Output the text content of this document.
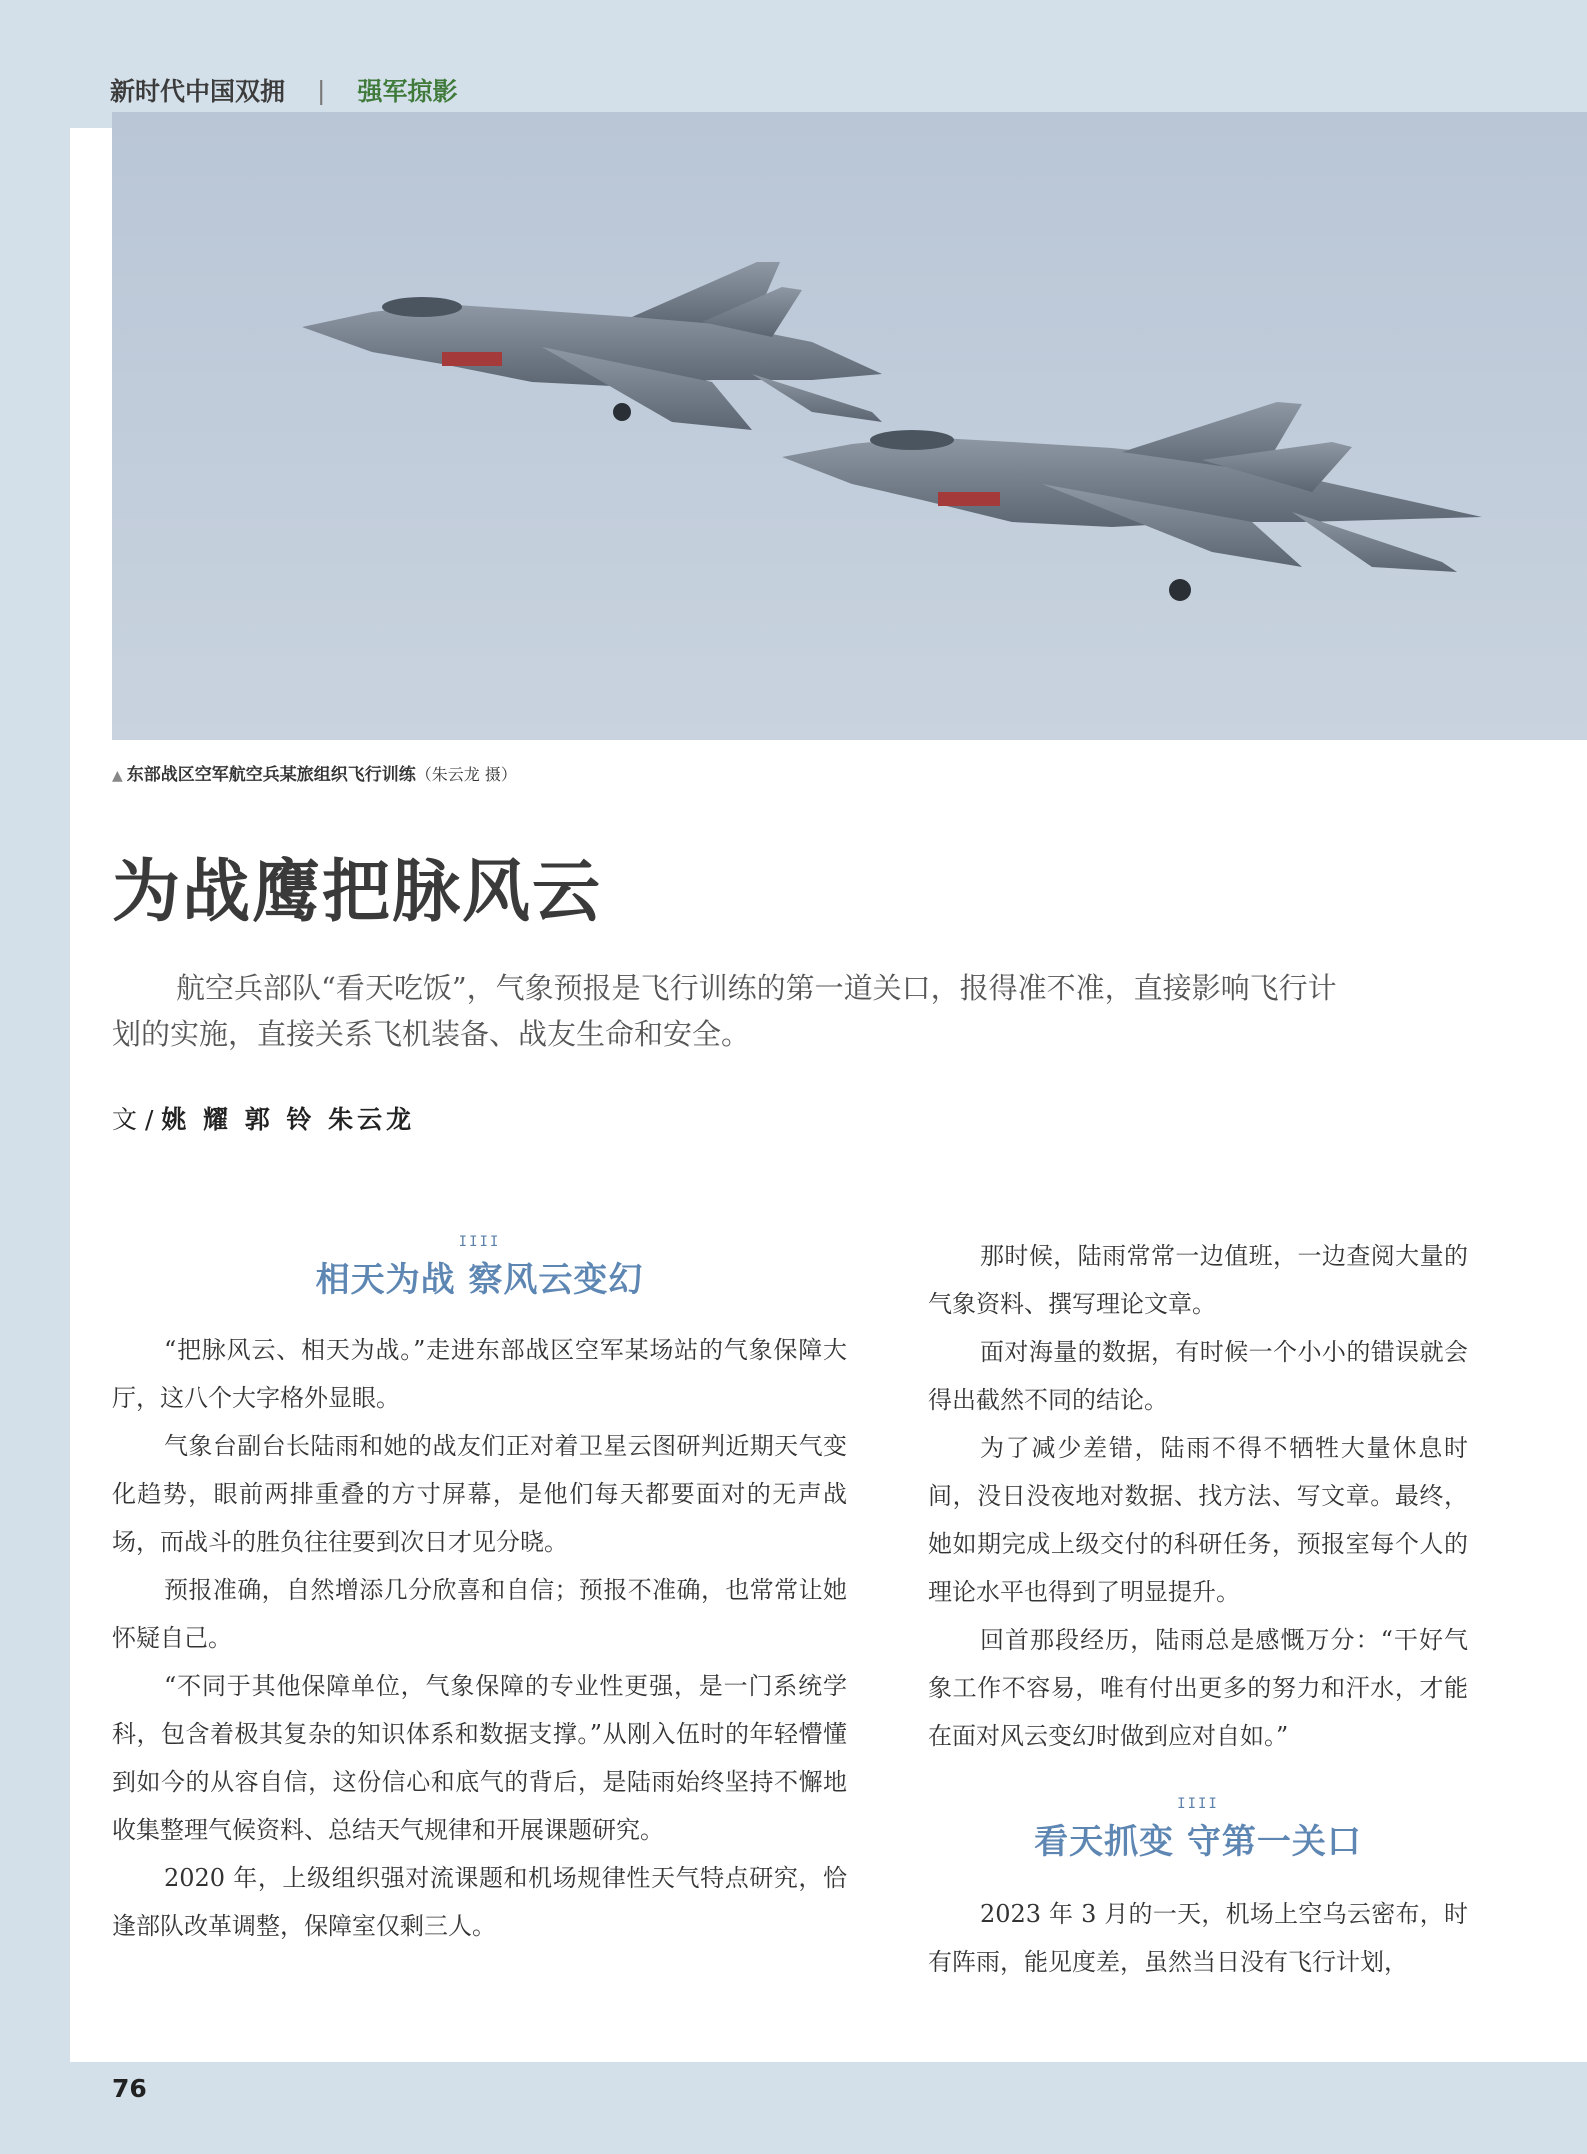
新时代中国双拥 | 强军掠影
▲ 东部战区空军航空兵某旅组织飞行训练（朱云龙 摄）
为战鹰把脉风云

航空兵部队“看天吃饭”，气象预报是飞行训练的第一道关口，报得准不准，直接影响飞行计划的实施，直接关系飞机装备、战友生命和安全。

文 / 姚 耀 郭 铃 朱云龙
IIII
相天为战 察风云变幻

“把脉风云、相天为战。”走进东部战区空军某场站的气象保障大厅，这八个大字格外显眼。

气象台副台长陆雨和她的战友们正对着卫星云图研判近期天气变化趋势，眼前两排重叠的方寸屏幕，是他们每天都要面对的无声战场，而战斗的胜负往往要到次日才见分晓。

预报准确，自然增添几分欣喜和自信；预报不准确，也常常让她怀疑自己。

“不同于其他保障单位，气象保障的专业性更强，是一门系统学科，包含着极其复杂的知识体系和数据支撑。”从刚入伍时的年轻懵懂到如今的从容自信，这份信心和底气的背后，是陆雨始终坚持不懈地收集整理气候资料、总结天气规律和开展课题研究。

2020 年，上级组织强对流课题和机场规律性天气特点研究，恰逢部队改革调整，保障室仅剩三人。

那时候，陆雨常常一边值班，一边查阅大量的气象资料、撰写理论文章。

面对海量的数据，有时候一个小小的错误就会得出截然不同的结论。

为了减少差错，陆雨不得不牺牲大量休息时间，没日没夜地对数据、找方法、写文章。最终，她如期完成上级交付的科研任务，预报室每个人的理论水平也得到了明显提升。

回首那段经历，陆雨总是感慨万分：“干好气象工作不容易，唯有付出更多的努力和汗水，才能在面对风云变幻时做到应对自如。”

IIII
看天抓变 守第一关口

2023 年 3 月的一天，机场上空乌云密布，时有阵雨，能见度差，虽然当日没有飞行计划，

76
